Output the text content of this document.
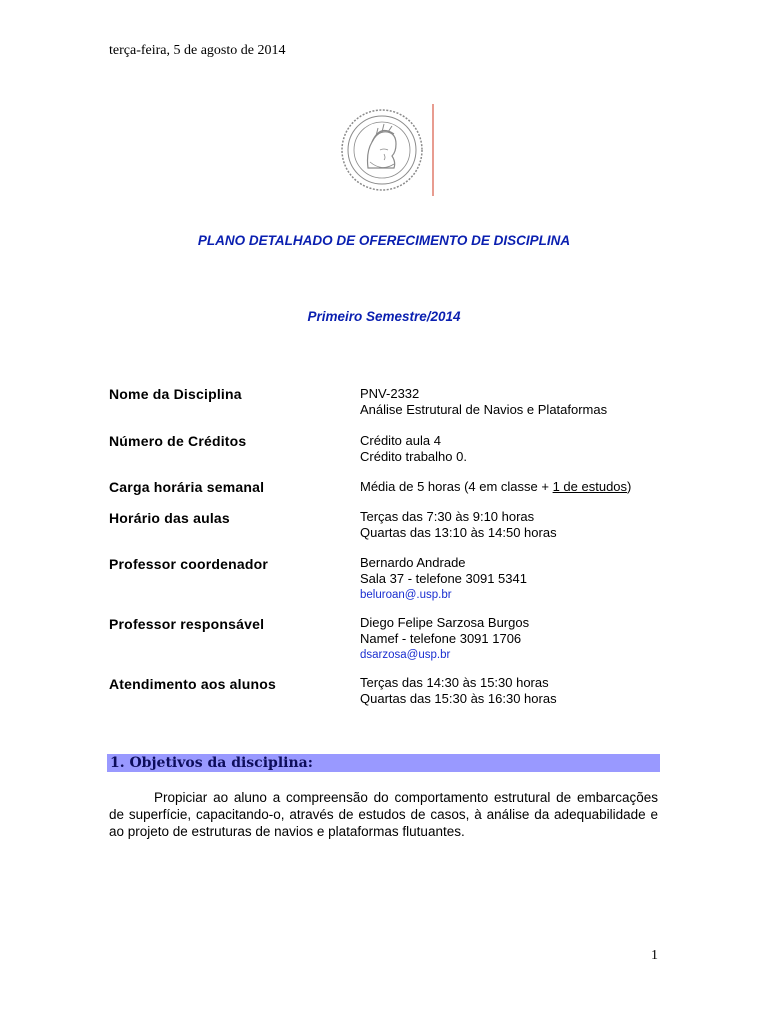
terça-feira, 5 de agosto de 2014
PLANO DETALHADO DE OFERECIMENTO DE DISCIPLINA
Primeiro Semestre/2014
Nome da Disciplina	PNV-2332
Análise Estrutural de Navios e Plataformas
Número de Créditos	Crédito aula 4
Crédito trabalho 0.
Carga horária semanal	Média de 5 horas (4 em classe + 1 de estudos)
Horário das aulas	Terças das 7:30 às 9:10 horas
Quartas das 13:10 às 14:50 horas
Professor coordenador	Bernardo Andrade
Sala 37 - telefone 3091 5341
beluroan@.usp.br
Professor responsável	Diego Felipe Sarzosa Burgos
Namef - telefone 3091 1706
dsarzosa@usp.br
Atendimento aos alunos	Terças das 14:30 às 15:30 horas
Quartas das 15:30 às 16:30 horas
1. Objetivos da disciplina:
Propiciar ao aluno a compreensão do comportamento estrutural de embarcações de superfície, capacitando-o, através de estudos de casos, à análise da adequabilidade e ao projeto de estruturas de navios e plataformas flutuantes.
1
